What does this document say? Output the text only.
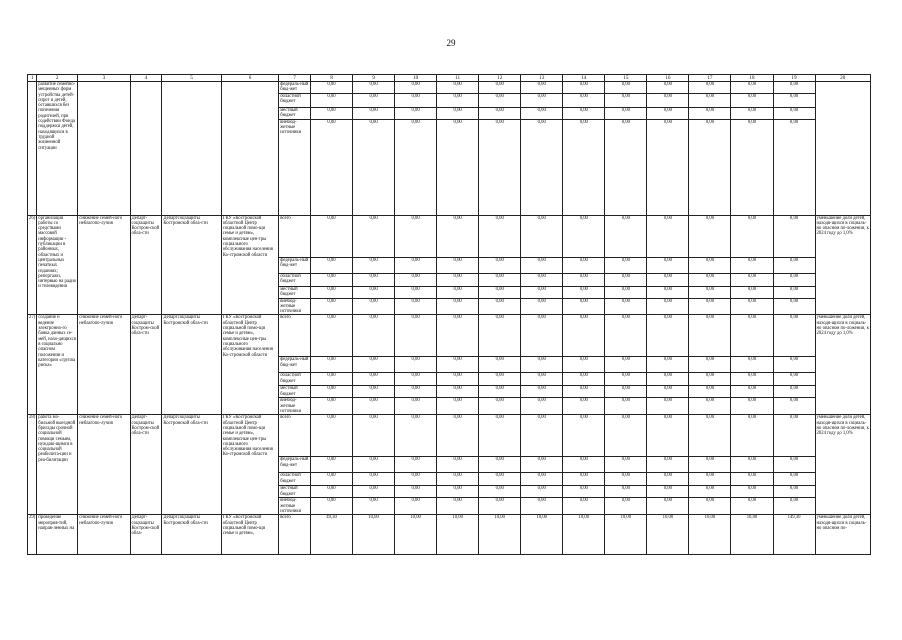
29
1	2	3	4	5	6	7	8	9	10	11	12	13	14	15	16	17	18	19	20
	развитие семейно-мещенных форм устройства детей-сирот и детей, оставшихся без попечения родителей, при содействии Фонда поддержки детей, находящихся в трудной жизненной ситуации					федераль-ный бюд-жет	0,00	0,00	0,00	0,00	0,00	0,00	0,00	0,00	0,00	0,00	0,00	0,00	
						областной бюджет	0,00	0,00	0,00	0,00	0,00	0,00	0,00	0,00	0,00	0,00	0,00	0,00	
						местный бюджет	0,00	0,00	0,00	0,00	0,00	0,00	0,00	0,00	0,00	0,00	0,00	0,00	
						внебюд-жетные источники	0,00	0,00	0,00	0,00	0,00	0,00	0,00	0,00	0,00	0,00	0,00	0,00	
26)	организация работы со средствами массовой информации - публикации в районных, областных и центральных печатных изданиях; репортажи, интервью на радио и телевидении	снижение семей-ного неблагопо-лучия	Департ-соцзащиты Костром-ской обла-сти	Департсоцзащиты Костромской обла-сти	ГКУ «Костромской областной Центр социальной помо-щи семье и детям», комплексные цен-тры социального обслуживания населения Ко-стромской области	всего	0,00	0,00	0,00	0,00	0,00	0,00	0,00	0,00	0,00	0,00	0,00	0,00	уменьшение доли детей, находя-щихся в социаль-но опасном по-ложении, к 2024 году до 1,0%
						федераль-ный бюд-жет	0,00	0,00	0,00	0,00	0,00	0,00	0,00	0,00	0,00	0,00	0,00	0,00	
						областной бюджет	0,00	0,00	0,00	0,00	0,00	0,00	0,00	0,00	0,00	0,00	0,00	0,00	
						местный бюджет	0,00	0,00	0,00	0,00	0,00	0,00	0,00	0,00	0,00	0,00	0,00	0,00	
						внебюд-жетные источники	0,00	0,00	0,00	0,00	0,00	0,00	0,00	0,00	0,00	0,00	0,00	0,00	
27)	создание и ведение электронно-го банка данных се-мей, нахо-дящихся в социально опасном положении и категории «группа риска»	снижение семей-ного неблагопо-лучия	Департ-соцзащиты Костром-ской обла-сти	Департсоцзащиты Костромской обла-сти	ГКУ «Костромской областной Центр социальной помо-щи семье и детям», комплексные цен-тры социального обслуживания населения Ко-стромской области	всего	0,00	0,00	0,00	0,00	0,00	0,00	0,00	0,00	0,00	0,00	0,00	0,00	уменьшение доли детей, находя-щихся в социаль-но опасном по-ложении, к 2024 году до 1,0%
						федераль-ный бюд-жет	0,00	0,00	0,00	0,00	0,00	0,00	0,00	0,00	0,00	0,00	0,00	0,00	
						областной бюджет	0,00	0,00	0,00	0,00	0,00	0,00	0,00	0,00	0,00	0,00	0,00	0,00	
						местный бюджет	0,00	0,00	0,00	0,00	0,00	0,00	0,00	0,00	0,00	0,00	0,00	0,00	
						внебюд-жетные источники	0,00	0,00	0,00	0,00	0,00	0,00	0,00	0,00	0,00	0,00	0,00	0,00	
28)	работа мо-бильной выездной бригады срочной социальной помощи семьям, нуждаю-щимся в социальной реабилита-ции и реа-билитации	снижение семей-ного неблагопо-лучия	Департ-соцзащиты Костром-ской обла-сти	Департсоцзащиты Костромской обла-сти	ГКУ «Костромской областной Центр социальной помо-щи семье и детям», комплексные цен-тры социального обслуживания населения Ко-стромской области	всего	0,00	0,00	0,00	0,00	0,00	0,00	0,00	0,00	0,00	0,00	0,00	0,00	уменьшение доли детей, находя-щихся в социаль-но опасном по-ложении, к 2024 году до 1,0%
						федераль-ный бюд-жет	0,00	0,00	0,00	0,00	0,00	0,00	0,00	0,00	0,00	0,00	0,00	0,00	
						областной бюджет	0,00	0,00	0,00	0,00	0,00	0,00	0,00	0,00	0,00	0,00	0,00	0,00	
						местный бюджет	0,00	0,00	0,00	0,00	0,00	0,00	0,00	0,00	0,00	0,00	0,00	0,00	
						внебюд-жетные источники	0,00	0,00	0,00	0,00	0,00	0,00	0,00	0,00	0,00	0,00	0,00	0,00	
29)	проведение мероприя-тий, направ-ленных на	снижение семей-ного неблагопо-лучия	Департ-соцзащиты Костром-ской обла-	Департсоцзащиты Костромской обла-сти	ГКУ «Костромской областной Центр социальной помо-щи семье и детям»,	всего	49,30	10,00	10,00	10,00	10,00	10,00	10,00	10,00	10,00	10,00	10,00	149,30	уменьшение доли детей, находя-щихся в социаль-но опасном по-
